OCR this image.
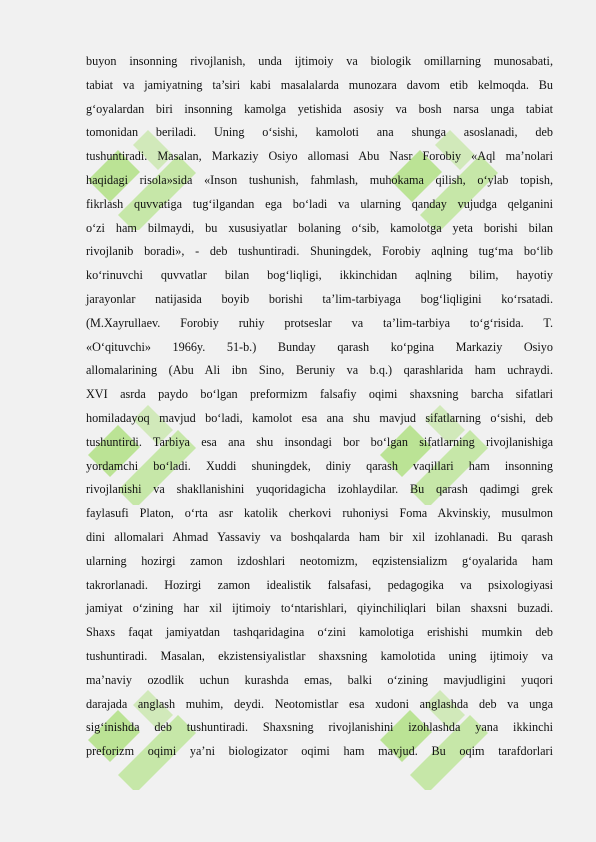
buyon insonning rivojlanish, unda ijtimoiy va biologik omillarning munosabati,
tabiat va jamiyatning ta’siri kabi masalalarda munozara davom etib kelmoqda. Bu
g‘oyalardan biri insonning kamolga yetishida asosiy va bosh narsa unga tabiat
tomonidan berіladi. Uning o‘sishi, kamoloti ana shunga asoslanadi, deb
tushuntiradi. Masalan, Markaziy Osiyo allomasi Abu Nasr Forobiy «Aql ma’nolari
haqidagi risola»sida «Inson tushunish, fahmlash, muhokama qilish, o‘ylab topish,
fikrlash quvvatiga tug‘ilgandan ega bo‘ladi va ularning qanday vujudga qelganini
o‘zi ham bilmaydi, bu xususiyatlar bolaning o‘sib, kamolotga yeta borishi bilan
rivojlanib boradi», - deb tushuntiradi. Shuningdek, Forobiy aqlning tug‘ma bo‘lib
ko‘rinuvchi quvvatlar bilan bog‘liqligi, ikkinchidan aqlning bilim, hayotiy
jarayonlar natijasida boyib borishi ta’lim-tarbiyaga bog‘liqligini ko‘rsatadi.
(M.Xayrullaev. Forobiy ruhiy protseslar va ta’lim-tarbiya to‘g‘risida. T.
«O‘qituvchi» 1966y. 51-b.) Bunday qarash ko‘pgina Markaziy Osiyo
allomalarining (Abu Ali ibn Sino, Beruniy va b.q.) qarashlarida ham uchraydi.
XVI asrda paydo bo‘lgan preformizm falsafiy oqimi shaxsning barcha sifatlari
homiladayoq mavjud bo‘ladi, kamolot esa ana shu mavjud sifatlarning o‘sishi, deb
tushuntirdi. Tarbiya esa ana shu insondagi bor bo‘lgan sifatlarning rivojlanishiga
yordamchi bo‘ladi. Xuddi shuningdek, diniy qarash vaqillari ham insonning
rivojlanishi va shakllanishini yuqoridagicha izohlaydilar. Bu qarash qadimgi grek
faylasufi Platon, o‘rta asr katolik cherkovi ruhoniysi Foma Akvinskiy, musulmon
dini allomalari Ahmad Yassaviy va boshqalarda ham bir xil izohlanadi. Bu qarash
ularning hozirgi zamon izdoshlari neotomizm, eqzistensializm g‘oyalarida ham
takrorlanadi. Hozirgi zamon idealistik falsafasi, pedagogika va psixologiyasi
jamiyat o‘zining har xil ijtimoiy to‘ntarishlari, qiyinchiliqlari bilan shaxsni buzadi.
Shaxs faqat jamiyatdan tashqaridagina o‘zini kamolotiga erishishi mumkin deb
tushuntiradi. Masalan, ekzistensiyalistlar shaxsning kamolotida uning ijtimoiy va
ma’naviy ozodlik uchun kurashda emas, balki o‘zining mavjudligini yuqori
darajada anglash muhim, deydi. Neotomistlar esa xudoni anglashda deb va unga
sig‘inishda deb tushuntiradi. Shaxsning rivojlanishini izohlashda yana ikkinchi
preforizm oqimi ya’ni biologizator oqimi ham mavjud. Bu oqim tarafdorlari
